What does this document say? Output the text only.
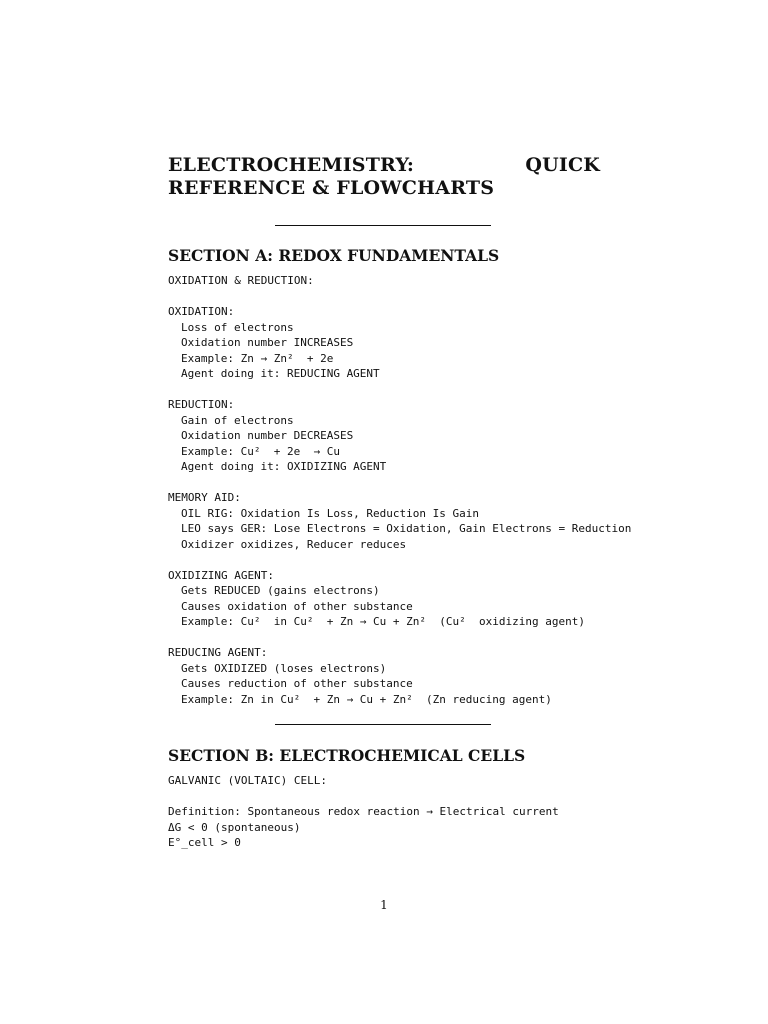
ELECTROCHEMISTRY: QUICK REFERENCE & FLOWCHARTS
SECTION A: REDOX FUNDAMENTALS
OXIDATION & REDUCTION:
OXIDATION:
Loss of electrons
Oxidation number INCREASES
Example: Zn → Zn²  + 2e
Agent doing it: REDUCING AGENT
REDUCTION:
Gain of electrons
Oxidation number DECREASES
Example: Cu²  + 2e  → Cu
Agent doing it: OXIDIZING AGENT
MEMORY AID:
OIL RIG: Oxidation Is Loss, Reduction Is Gain
LEO says GER: Lose Electrons = Oxidation, Gain Electrons = Reduction
Oxidizer oxidizes, Reducer reduces
OXIDIZING AGENT:
Gets REDUCED (gains electrons)
Causes oxidation of other substance
Example: Cu²  in Cu²  + Zn → Cu + Zn²  (Cu²  oxidizing agent)
REDUCING AGENT:
Gets OXIDIZED (loses electrons)
Causes reduction of other substance
Example: Zn in Cu²  + Zn → Cu + Zn²  (Zn reducing agent)
SECTION B: ELECTROCHEMICAL CELLS
GALVANIC (VOLTAIC) CELL:
Definition: Spontaneous redox reaction → Electrical current
ΔG < 0 (spontaneous)
E°_cell > 0
1
